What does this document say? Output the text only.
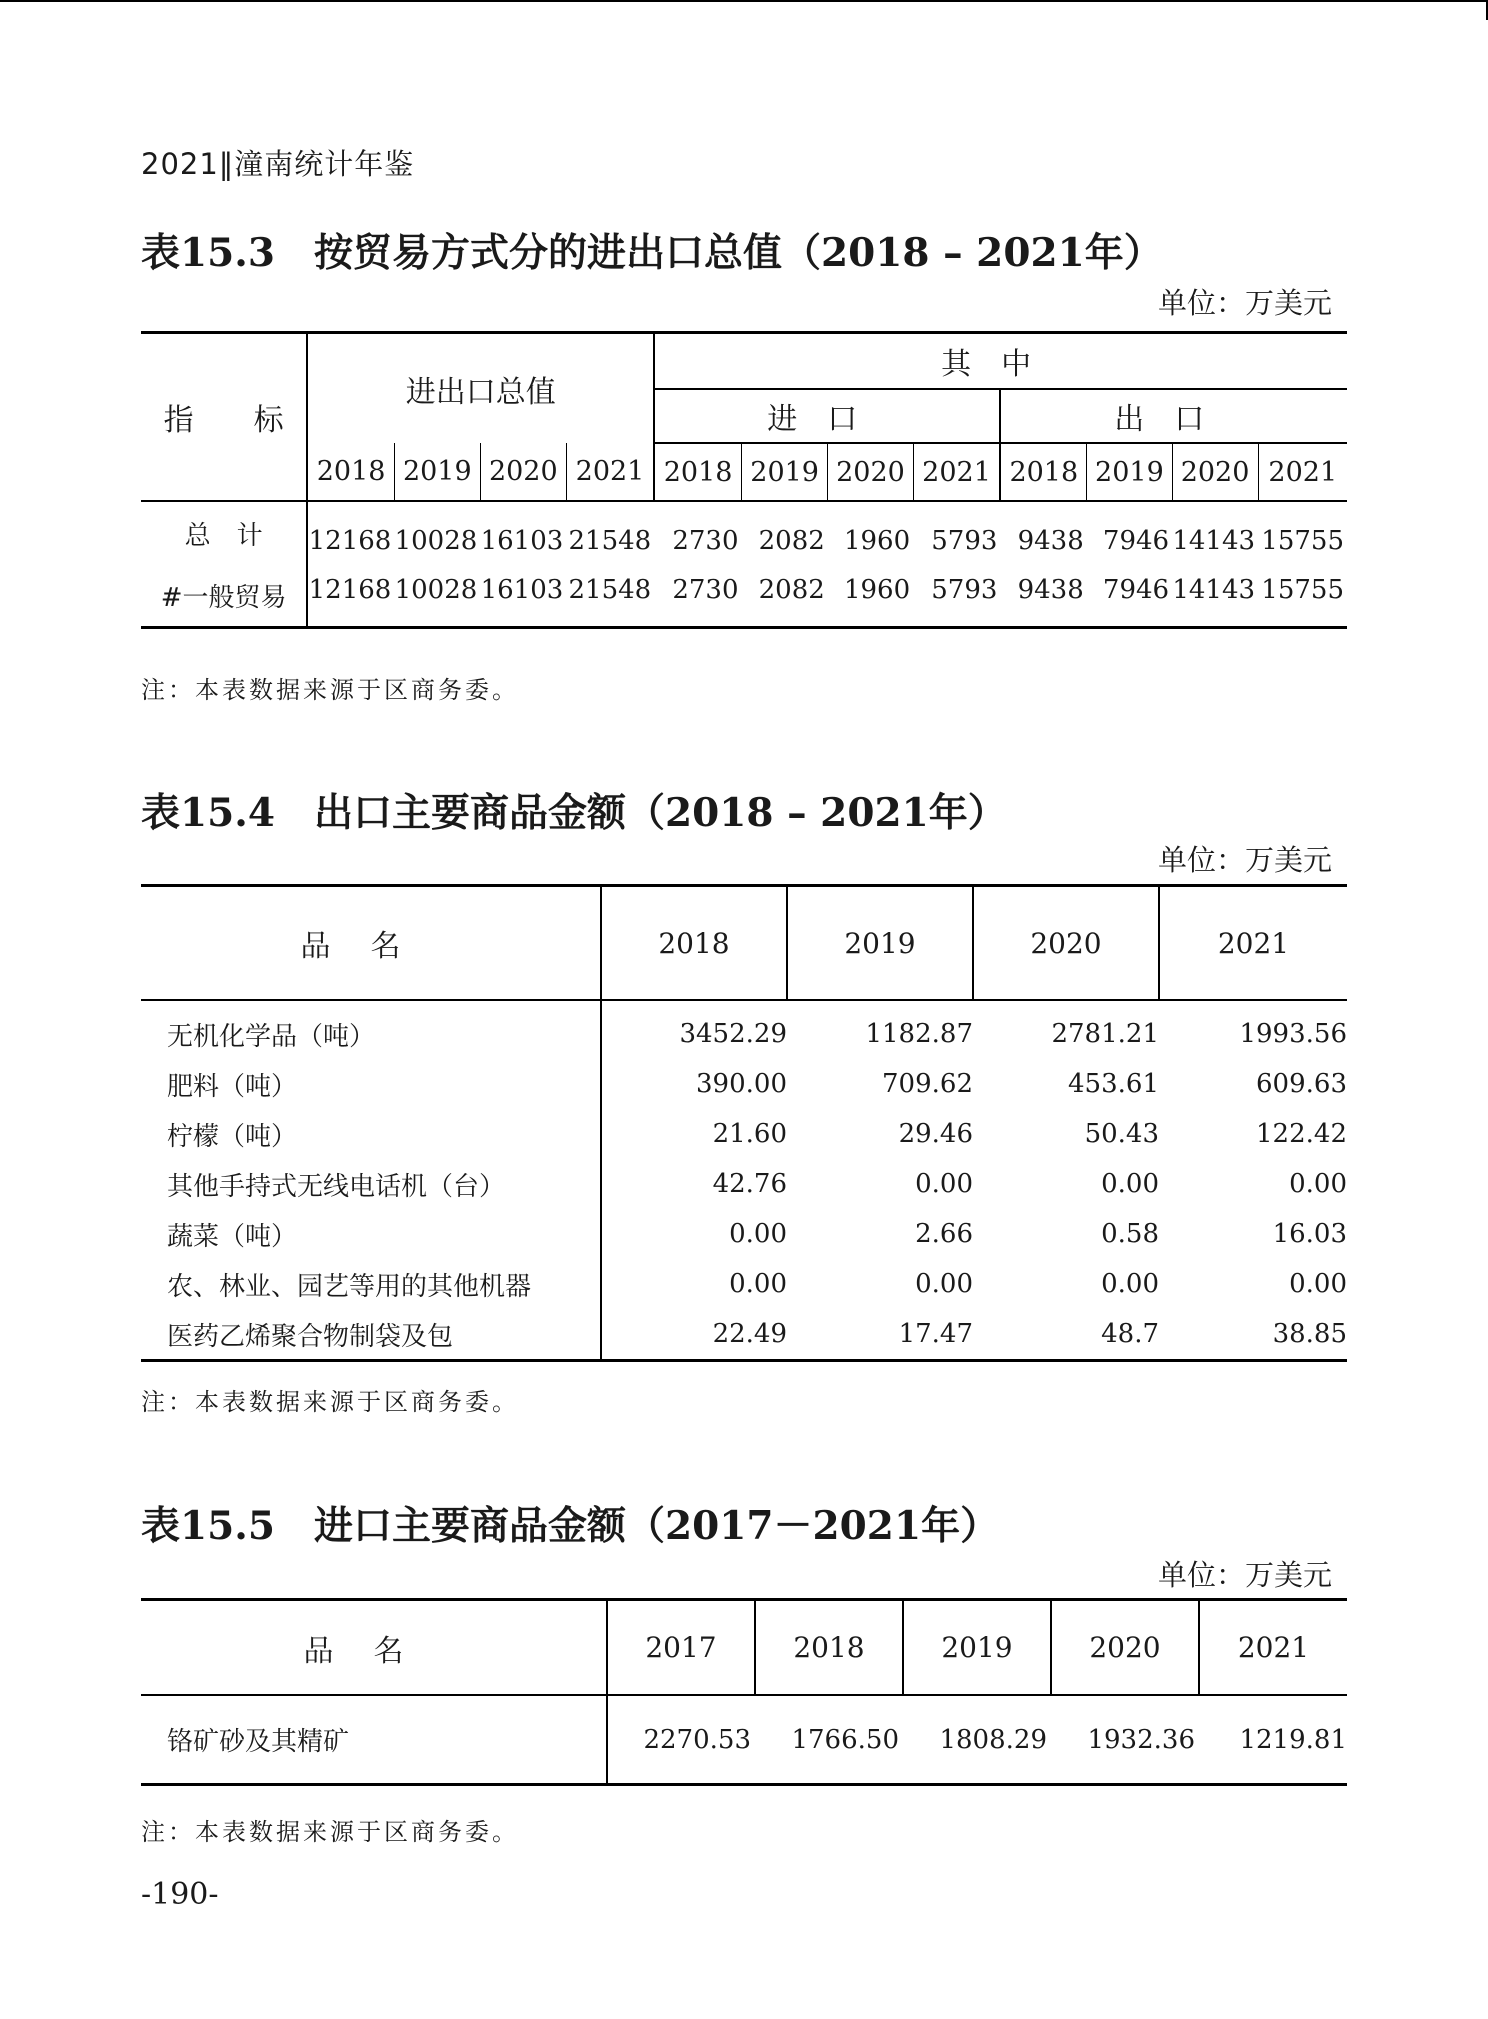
2021‖潼南统计年鉴
表15.3　按贸易方式分的进出口总值（2018 – 2021年）
单位：万美元
指　　标	进出口总值				其中							
					进口				出口			
	2018	2019	2020	2021	2018	2019	2020	2021	2018	2019	2020	2021
总　计	12168	10028	16103	21548	2730	2082	1960	5793	9438	7946	14143	15755
#一般贸易	12168	10028	16103	21548	2730	2082	1960	5793	9438	7946	14143	15755
注：本表数据来源于区商务委。
表15.4　出口主要商品金额（2018 – 2021年）
单位：万美元
品名	2018	2019	2020	2021
无机化学品（吨）	3452.29	1182.87	2781.21	1993.56
肥料（吨）	390.00	709.62	453.61	609.63
柠檬（吨）	21.60	29.46	50.43	122.42
其他手持式无线电话机（台）	42.76	0.00	0.00	0.00
蔬菜（吨）	0.00	2.66	0.58	16.03
农、林业、园艺等用的其他机器	0.00	0.00	0.00	0.00
医药乙烯聚合物制袋及包	22.49	17.47	48.7	38.85
注：本表数据来源于区商务委。
表15.5　进口主要商品金额（2017－2021年）
单位：万美元
品名	2017	2018	2019	2020	2021
铬矿砂及其精矿	2270.53	1766.50	1808.29	1932.36	1219.81
注：本表数据来源于区商务委。
-190-
